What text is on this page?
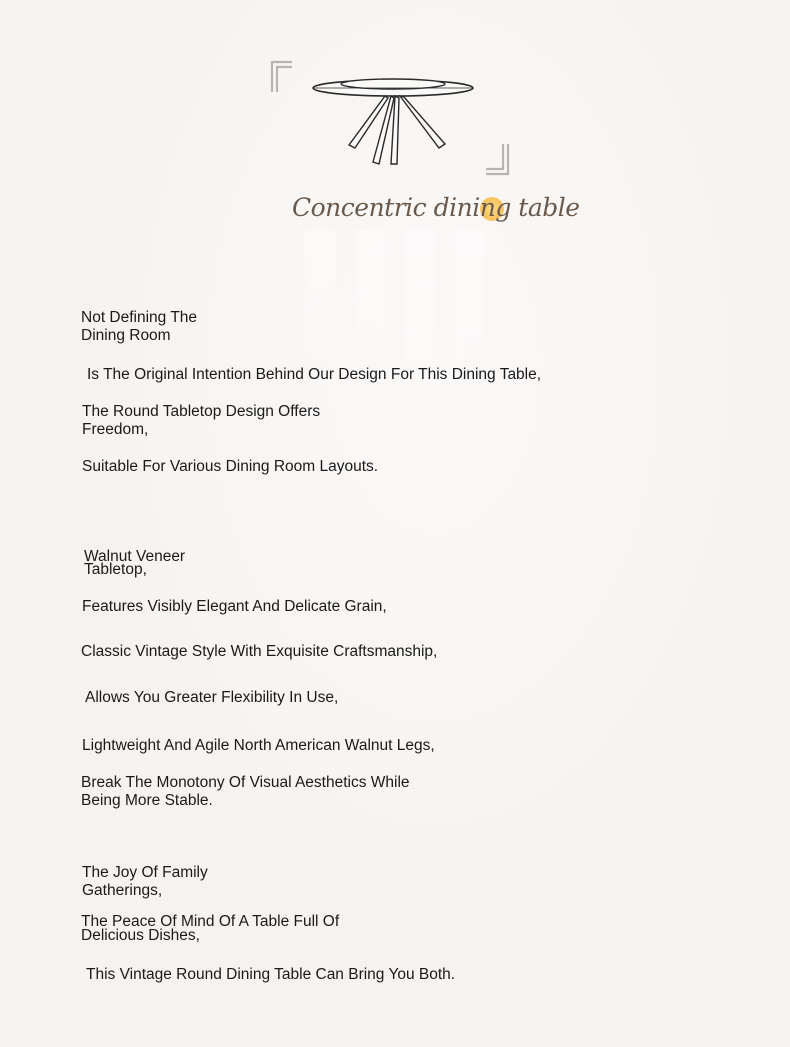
Concentric dining table
Not Defining The
Dining Room
Is The Original Intention Behind Our Design For This Dining Table,
The Round Tabletop Design Offers
Freedom,
Suitable For Various Dining Room Layouts.
Walnut Veneer
Tabletop,
Features Visibly Elegant And Delicate Grain,
Classic Vintage Style With Exquisite Craftsmanship,
Allows You Greater Flexibility In Use,
Lightweight And Agile North American Walnut Legs,
Break The Monotony Of Visual Aesthetics While
Being More Stable.
The Joy Of Family
Gatherings,
The Peace Of Mind Of A Table Full Of
Delicious Dishes,
This Vintage Round Dining Table Can Bring You Both.
